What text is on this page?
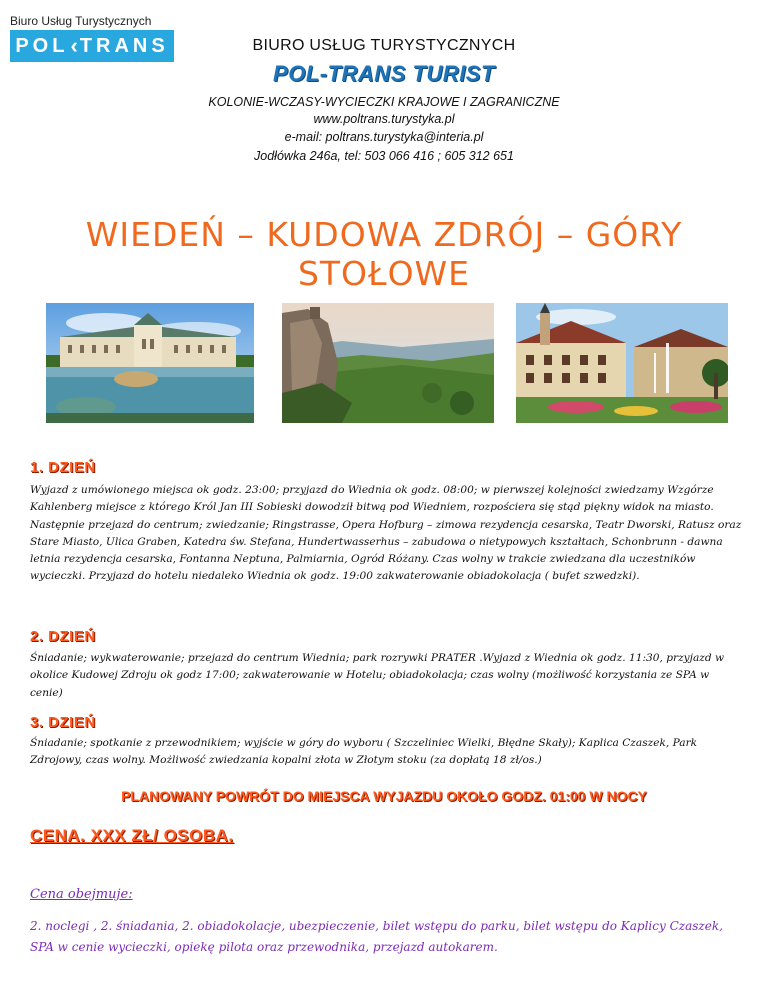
Biuro Usług Turystycznych
POL ‹ TRANS	BIURO USŁUG TURYSTYCZNYCH
POL-TRANS TURIST
KOLONIE-WCZASY-WYCIECZKI KRAJOWE I ZAGRANICZNE
www.poltrans.turystyka.pl
e-mail: poltrans.turystyka@interia.pl
Jodłówka 246a, tel: 503 066 416 ; 605 312 651
WIEDEŃ – KUDOWA ZDRÓJ – GÓRY STOŁOWE
1. DZIEŃ
Wyjazd z umówionego miejsca ok godz. 23:00; przyjazd do Wiednia ok godz. 08:00; w pierwszej kolejności zwiedzamy Wzgórze Kahlenberg miejsce z którego Król Jan III Sobieski dowodził bitwą pod Wiedniem, rozpościera się stąd piękny widok na miasto. Następnie przejazd do centrum; zwiedzanie; Ringstrasse, Opera Hofburg – zimowa rezydencja cesarska, Teatr Dworski, Ratusz oraz Stare Miasto, Ulica Graben, Katedra św. Stefana, Hundertwasserhus – zabudowa o nietypowych kształtach, Schonbrunn - dawna letnia rezydencja cesarska, Fontanna Neptuna, Palmiarnia, Ogród Różany. Czas wolny w trakcie zwiedzana dla uczestników wycieczki. Przyjazd do hotelu niedaleko Wiednia ok godz. 19:00 zakwaterowanie obiadokolacja ( bufet szwedzki).
2. DZIEŃ
Śniadanie; wykwaterowanie; przejazd do centrum Wiednia; park rozrywki PRATER .Wyjazd z Wiednia ok godz. 11:30, przyjazd w okolice Kudowej Zdroju ok godz 17:00; zakwaterowanie w Hotelu; obiadokolacja; czas wolny (możliwość korzystania ze SPA w cenie)
3. DZIEŃ
Śniadanie; spotkanie z przewodnikiem; wyjście w góry do wyboru ( Szczeliniec Wielki, Błędne Skały); Kaplica Czaszek, Park Zdrojowy, czas wolny. Możliwość zwiedzania kopalni złota w Złotym stoku (za dopłatą 18 zł/os.)
PLANOWANY POWRÓT DO MIEJSCA WYJAZDU OKOŁO GODZ. 01:00 W NOCY
CENA. XXX ZŁ/ OSOBA.
Cena obejmuje:
2. noclegi , 2. śniadania, 2. obiadokolacje, ubezpieczenie, bilet wstępu do parku, bilet wstępu do Kaplicy Czaszek, SPA w cenie wycieczki, opiekę pilota oraz przewodnika, przejazd autokarem.
